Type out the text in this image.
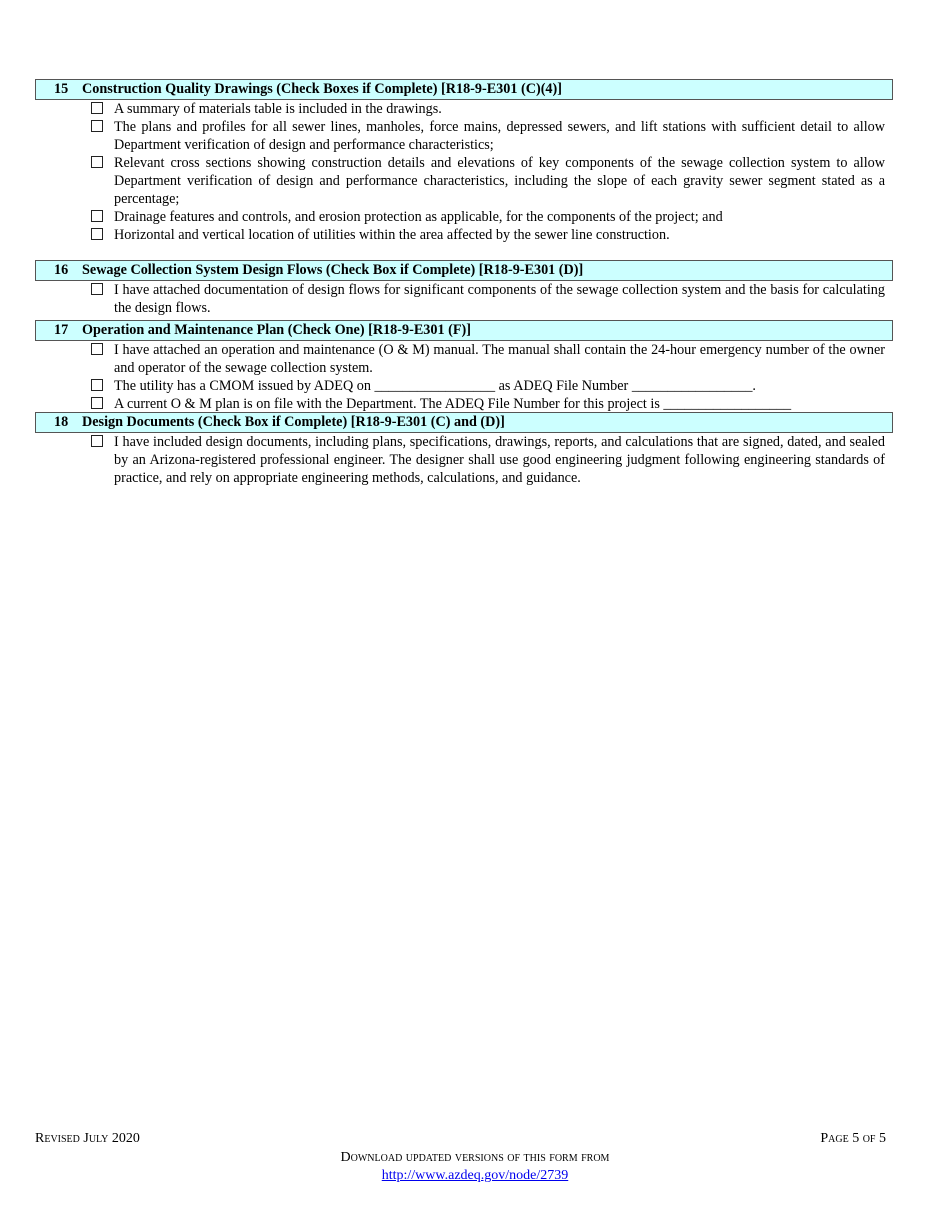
15 Construction Quality Drawings (Check Boxes if Complete) [R18-9-E301 (C)(4)]
A summary of materials table is included in the drawings.
The plans and profiles for all sewer lines, manholes, force mains, depressed sewers, and lift stations with sufficient detail to allow Department verification of design and performance characteristics;
Relevant cross sections showing construction details and elevations of key components of the sewage collection system to allow Department verification of design and performance characteristics, including the slope of each gravity sewer segment stated as a percentage;
Drainage features and controls, and erosion protection as applicable, for the components of the project; and
Horizontal and vertical location of utilities within the area affected by the sewer line construction.
16 Sewage Collection System Design Flows (Check Box if Complete) [R18-9-E301 (D)]
I have attached documentation of design flows for significant components of the sewage collection system and the basis for calculating the design flows.
17 Operation and Maintenance Plan (Check One) [R18-9-E301 (F)]
I have attached an operation and maintenance (O & M) manual. The manual shall contain the 24-hour emergency number of the owner and operator of the sewage collection system.
The utility has a CMOM issued by ADEQ on _________________ as ADEQ File Number _________________.
A current O & M plan is on file with the Department. The ADEQ File Number for this project is __________________
18 Design Documents (Check Box if Complete) [R18-9-E301 (C) and (D)]
I have included design documents, including plans, specifications, drawings, reports, and calculations that are signed, dated, and sealed by an Arizona-registered professional engineer. The designer shall use good engineering judgment following engineering standards of practice, and rely on appropriate engineering methods, calculations, and guidance.
Revised July 2020	Page 5 of 5
Download updated versions of this form from
http://www.azdeq.gov/node/2739
